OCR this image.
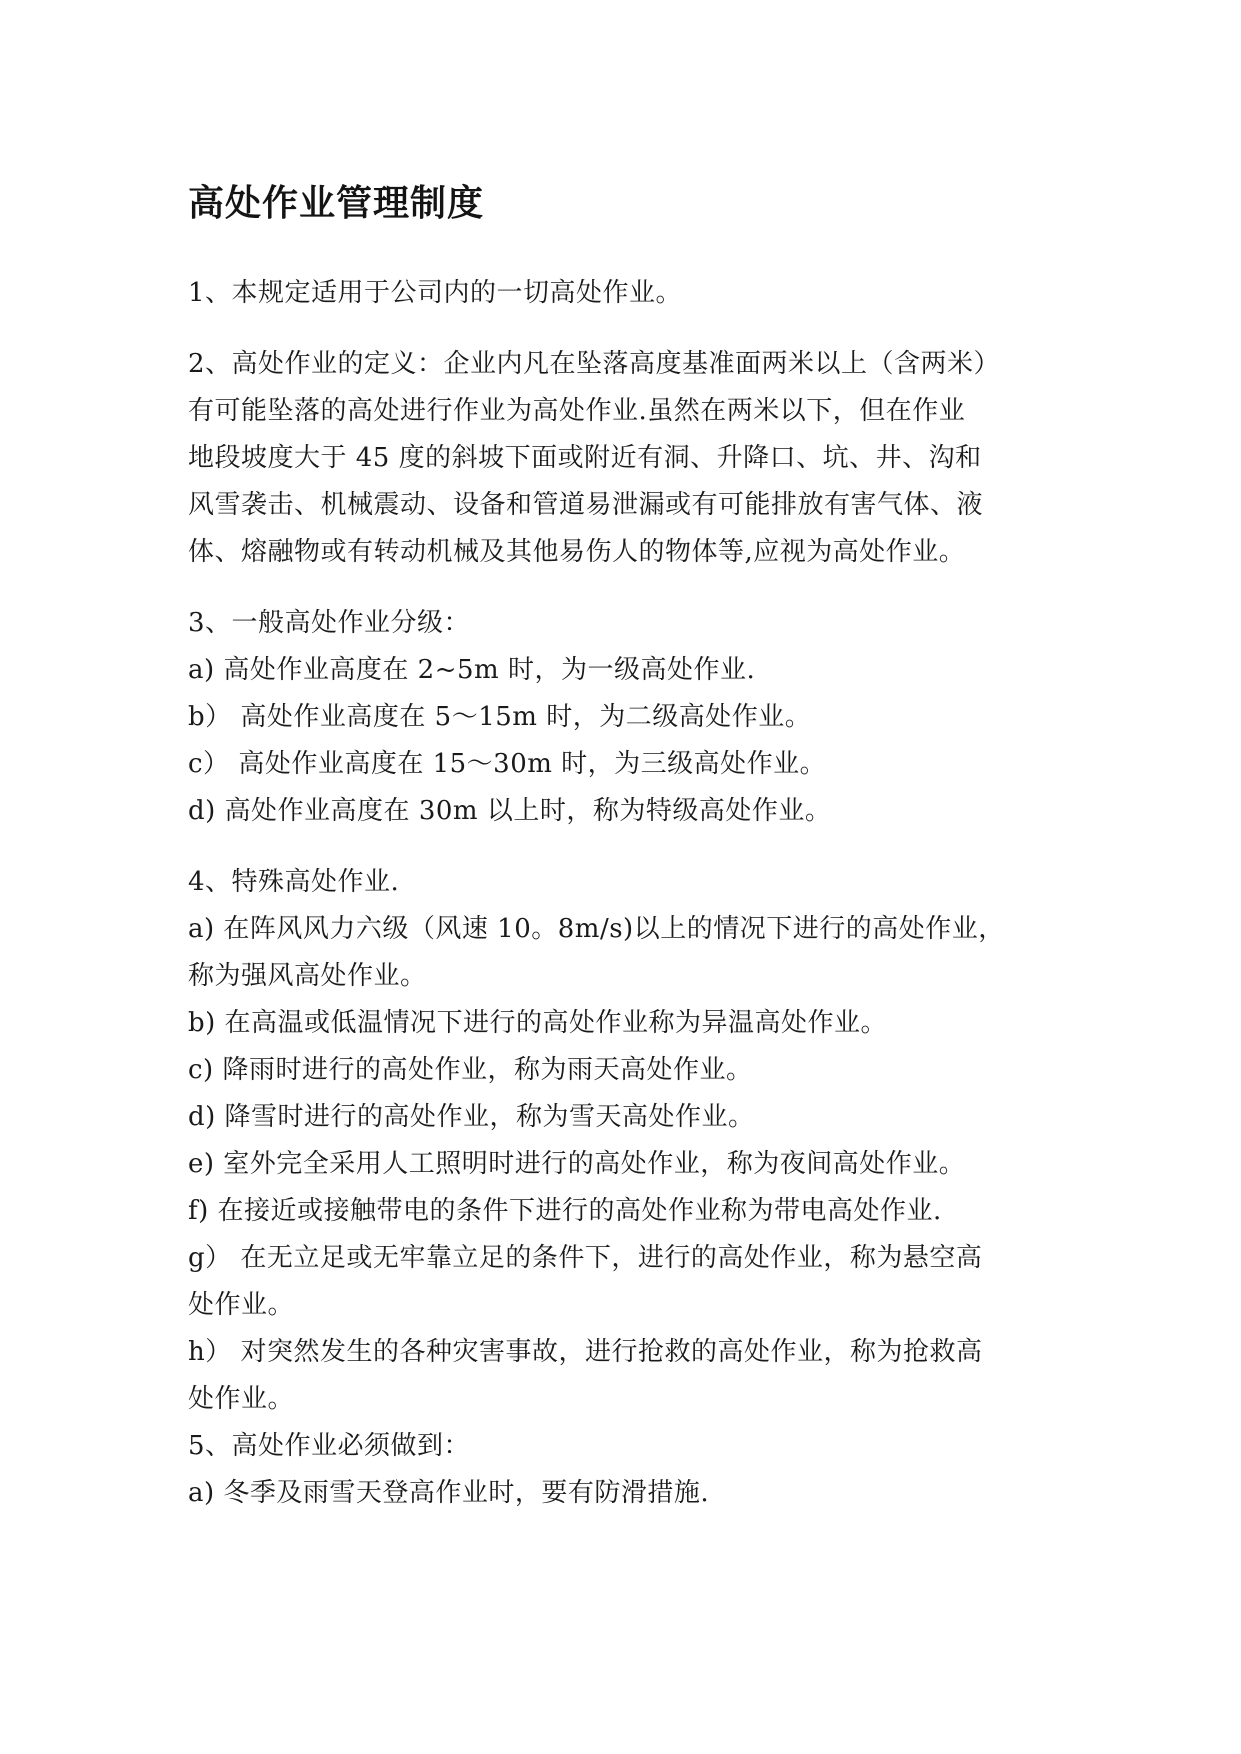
高处作业管理制度

1、本规定适用于公司内的一切高处作业。

2、高处作业的定义：企业内凡在坠落高度基准面两米以上（含两米）

有可能坠落的高处进行作业为高处作业.虽然在两米以下，但在作业

地段坡度大于 45 度的斜坡下面或附近有洞、升降口、坑、井、沟和

风雪袭击、机械震动、设备和管道易泄漏或有可能排放有害气体、液

体、熔融物或有转动机械及其他易伤人的物体等,应视为高处作业。

3、一般高处作业分级：

a) 高处作业高度在 2~5m 时，为一级高处作业.

b） 高处作业高度在 5～15m 时，为二级高处作业。

c） 高处作业高度在 15～30m 时，为三级高处作业。

d) 高处作业高度在 30m 以上时，称为特级高处作业。

4、特殊高处作业.

a) 在阵风风力六级（风速 10。8m/s)以上的情况下进行的高处作业，

称为强风高处作业。

b) 在高温或低温情况下进行的高处作业称为异温高处作业。

c) 降雨时进行的高处作业，称为雨天高处作业。

d) 降雪时进行的高处作业，称为雪天高处作业。

e) 室外完全采用人工照明时进行的高处作业，称为夜间高处作业。

f) 在接近或接触带电的条件下进行的高处作业称为带电高处作业.

g） 在无立足或无牢靠立足的条件下，进行的高处作业，称为悬空高

处作业。

h） 对突然发生的各种灾害事故，进行抢救的高处作业，称为抢救高

处作业。

5、高处作业必须做到：

a) 冬季及雨雪天登高作业时，要有防滑措施.
